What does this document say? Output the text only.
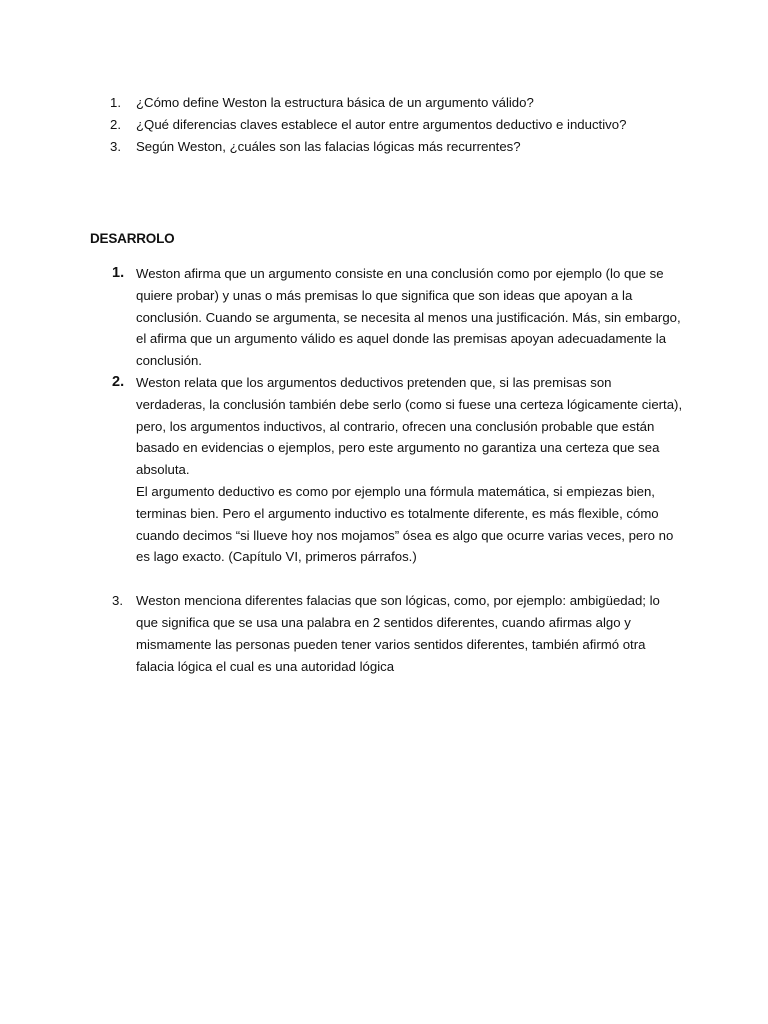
1. ¿Cómo define Weston la estructura básica de un argumento válido?
2. ¿Qué diferencias claves establece el autor entre argumentos deductivo e inductivo?
3. Según Weston, ¿cuáles son las falacias lógicas más recurrentes?
DESARROLO
1. Weston afirma que un argumento consiste en una conclusión como por ejemplo (lo que se quiere probar) y unas o más premisas lo que significa que son ideas que apoyan a la conclusión. Cuando se argumenta, se necesita al menos una justificación. Más, sin embargo, el afirma que un argumento válido es aquel donde las premisas apoyan adecuadamente la conclusión.

2. Weston relata que los argumentos deductivos pretenden que, si las premisas son verdaderas, la conclusión también debe serlo (como si fuese una certeza lógicamente cierta), pero, los argumentos inductivos, al contrario, ofrecen una conclusión probable que están basado en evidencias o ejemplos, pero este argumento no garantiza una certeza que sea absoluta.

El argumento deductivo es como por ejemplo una fórmula matemática, si empiezas bien, terminas bien. Pero el argumento inductivo es totalmente diferente, es más flexible, cómo cuando decimos “si llueve hoy nos mojamos” ósea es algo que ocurre varias veces, pero no es lago exacto. (Capítulo VI, primeros párrafos.)

3. Weston menciona diferentes falacias que son lógicas, como, por ejemplo: ambigüedad; lo que significa que se usa una palabra en 2 sentidos diferentes, cuando afirmas algo y mismamente las personas pueden tener varios sentidos diferentes, también afirmó otra falacia lógica el cual es una autoridad lógica
